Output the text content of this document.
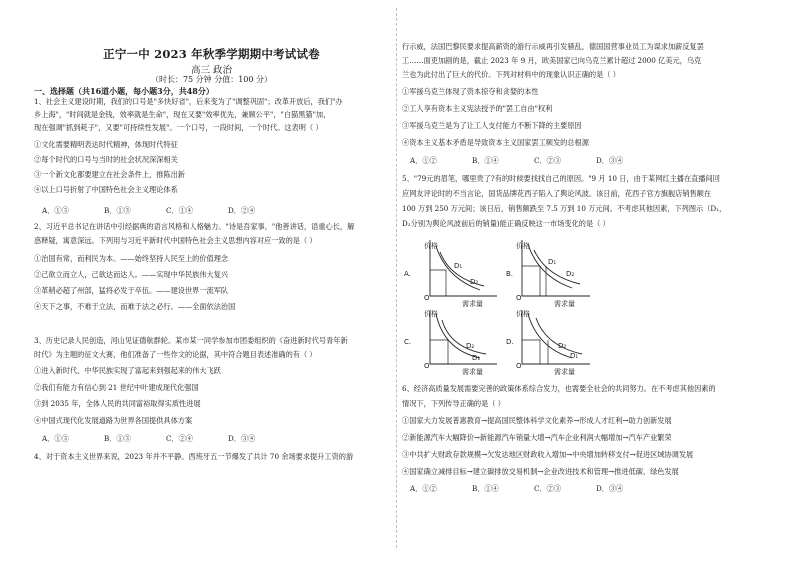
正宁一中 2023 年秋季学期期中考试试卷
高三 政治
（时长：75 分钟 分值：100 分）
一、选择题（共16道小题，每小题3分，共48分）
1、社会主义建设时期，我们的口号是"多快好省"，后来变为了"调整巩固"；改革开放后，我们"办
乡上海"，"时间就是金钱，效率就是生命"，现在又要"效率优先，兼顾公平"，"白猫黑猫"加，
现在强调"抓到耗子"，又要"可持续性发展"。一个口号，一段时间，一个时代。这表明（ ）
①文化需要精明表达时代精神，体现时代特征
②每个时代的口号与当时的社会状况深深相关
③一个新文化都要建立在社会条件上，推陈出新
④以上口号折射了中国特色社会主义理论体系
A．①③	B．①③	C．①④	D．②④
2、习近平总书记在讲话中引经据典的语言风格和人格魅力。"诗是吾家事，"他善讲话，语重心长，解
惑释疑，寓意深远。下列用与习近平新时代中国特色社会主义思想内容对应一致的是（ ）
①治国有常，而利民为本。——始终坚持人民至上的价值理念
②己欲立而立人，己欲达而达人。——实现中华民族伟大复兴
③革稍必超了州部，猛将必发于卒伍。——建设世界一流军队
④天下之事，不难于立法，而难于法之必行。——全面依法治国
3、历史记录人民创造，河山见证德航群轮。某市某一同学参加市团委组织的《奋进新时代号青年新
时代》为主题的征文大赛，他们准备了一些作文的论据，其中符合题目表述准确的有（ ）
①进入新时代，中华民族实现了富起来到强起来的伟大飞跃
②我们有能力有信心到 21 世纪中叶建成现代化强国
③到 2035 年，全体人民的共同富裕取得实质性进展
④中国式现代化发展道路为世界各国提供具体方案
A．①③	B．①③	C．②④	D．③④
4、对于资本主义世界来说，2023 年并不平静。西班牙五一节爆发了共计 70 余场要求提升工资的游
行示威，法国巴黎民要求提高薪资的游行示威再引发骚乱，德国国营事业员工为谋求加薪反复罢
工……面吏加剧的是，截止 2023 年 9 月，欧美国家已向乌克兰累计超过 2000 亿美元，乌克
兰也为此付出了巨大的代价。下列对材料中的现象认识正确的是（ ）
①军援乌克兰体现了资本掠夺和贪婪的本性
②工人享有资本主义宪法授予的"罢工自由"权利
③军援乌克兰是为了让工人支付能力不断下降的主要原因
④资本主义基本矛盾是导致资本主义国家罢工频发的总根源
A．①②	B．①④	C．②③	D．③④
5、"79元的眉笔，哪里贵了?有的时候要找找自己的原因。"9 月 10 日，由于某网红主播在直播间回
应网友评论时的不当言论，国货品牌花西子陷入了舆论风波。该日前，花西子官方旗舰店销售额在
100 万到 250 万元间；该日后，销售额跌至 7.5 万到 10 万元间。不考虑其他因素，下列图示（D₁，
D₂分别为舆论风波前后的销量)能正确反映这一市场变化的是（ ）
A.
价格
O
D₁
D₂
需求量
B.
价格
O
D₁
D₂
需求量
C.
价格
O
D₂
D₁
需求量
D.
价格
O
D₂
D₁
需求量
6、经济高质量发展需要完善的政策体系综合发力，也需要全社会的共同努力。在不考虑其他因素的
情况下，下列传导正确的是（ ）
①国家大力发展普惠教育→提高国民整体科学文化素养→形成人才红利→助力创新发展
②新能源汽车大幅降价→新能源汽车销量大增→汽车企业利润大幅增加→汽车产业繁荣
③中共扩大财政存款规模→欠发达地区财政收入增加→中央增加转移支付→促进区域协调发展
④国家确立减排目标→建立碳排放交易机制→企业改进技术和管理→推进低碳、绿色发展
A．①②	B．①④	C．②③	D．③④
